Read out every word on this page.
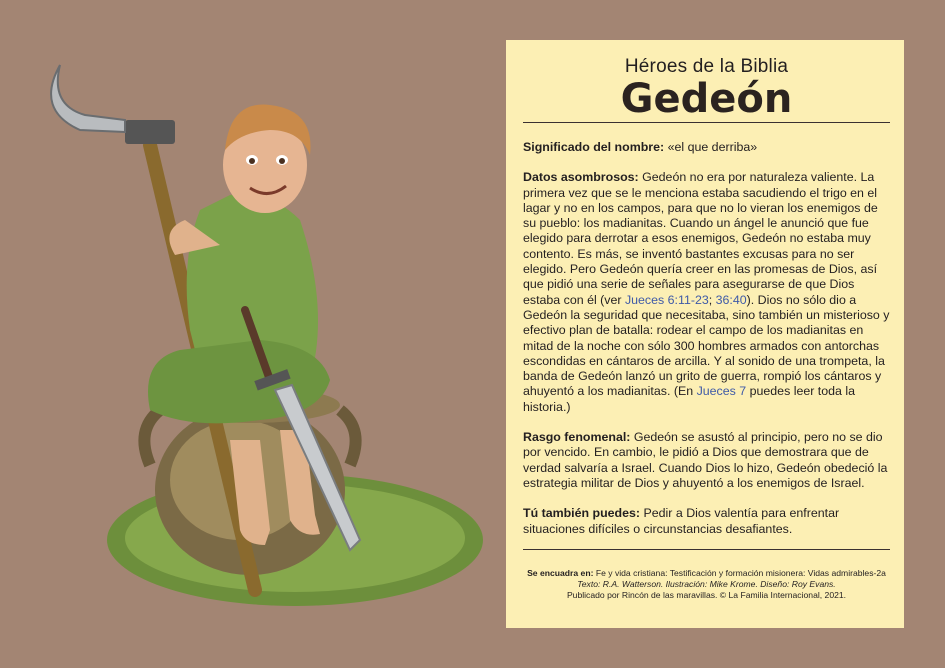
Héroes de la Biblia
Gedeón
Significado del nombre: «el que derriba»
Datos asombrosos: Gedeón no era por naturaleza valiente. La primera vez que se le menciona estaba sacudiendo el trigo en el lagar y no en los campos, para que no lo vieran los enemigos de su pueblo: los madianitas. Cuando un ángel le anunció que fue elegido para derrotar a esos enemigos, Gedeón no estaba muy contento. Es más, se inventó bastantes excusas para no ser elegido. Pero Gedeón quería creer en las promesas de Dios, así que pidió una serie de señales para asegurarse de que Dios estaba con él (ver Jueces 6:11-23; 36:40). Dios no sólo dio a Gedeón la seguridad que necesitaba, sino también un misterioso y efectivo plan de batalla: rodear el campo de los madianitas en mitad de la noche con sólo 300 hombres armados con antorchas escondidas en cántaros de arcilla. Y al sonido de una trompeta, la banda de Gedeón lanzó un grito de guerra, rompió los cántaros y ahuyentó a los madianitas. (En Jueces 7 puedes leer toda la historia.)
Rasgo fenomenal: Gedeón se asustó al principio, pero no se dio por vencido. En cambio, le pidió a Dios que demostrara que de verdad salvaría a Israel. Cuando Dios lo hizo, Gedeón obedeció la estrategia militar de Dios y ahuyentó a los enemigos de Israel.
Tú también puedes: Pedir a Dios valentía para enfrentar situaciones difíciles o circunstancias desafiantes.
Se encuadra en: Fe y vida cristiana: Testificación y formación misionera: Vidas admirables-2a
Texto: R.A. Watterson. Ilustración: Mike Krome. Diseño: Roy Evans.
Publicado por Rincón de las maravillas. © La Familia Internacional, 2021.
